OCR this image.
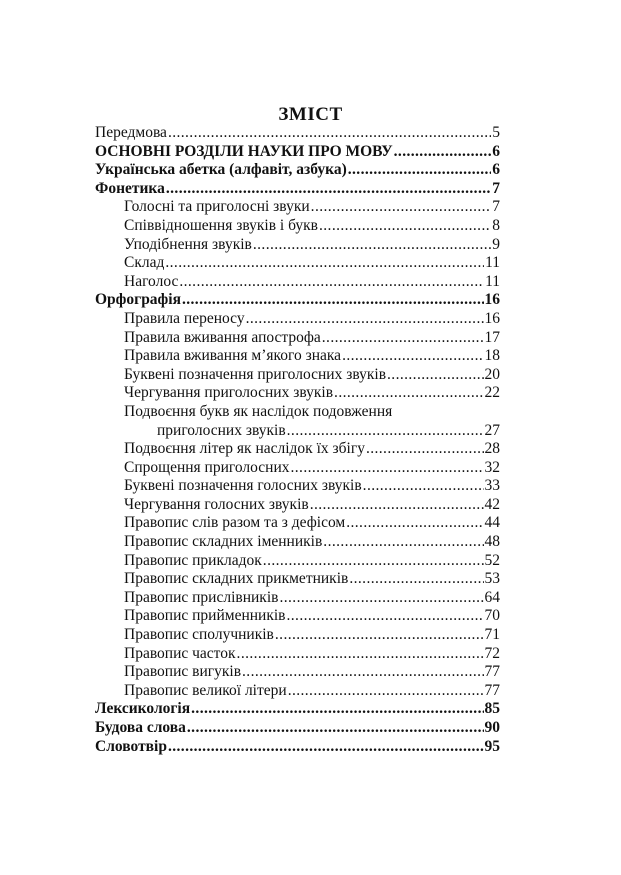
ЗМІСТ
Передмова .....	5
ОСНОВНІ РОЗДІЛИ НАУКИ ПРО МОВУ .....	6
Українська абетка (алфавіт, азбука) .....	6
Фонетика .....	7
Голосні та приголосні звуки .....	7
Співвідношення звуків і букв .....	8
Уподібнення звуків .....	9
Склад .....	11
Наголос .....	11
Орфографія .....	16
Правила переносу .....	16
Правила вживання апострофа .....	17
Правила вживання м’якого знака .....	18
Буквені позначення приголосних звуків .....	20
Чергування приголосних звуків .....	22
Подвоєння букв як наслідок подовження
приголосних звуків .....	27
Подвоєння літер як наслідок їх збігу .....	28
Спрощення приголосних .....	32
Буквені позначення голосних звуків .....	33
Чергування голосних звуків .....	42
Правопис слів разом та з дефісом .....	44
Правопис складних іменників .....	48
Правопис прикладок .....	52
Правопис складних прикметників .....	53
Правопис прислівників .....	64
Правопис прийменників .....	70
Правопис сполучників .....	71
Правопис часток .....	72
Правопис вигуків .....	77
Правопис великої літери .....	77
Лексикологія .....	85
Будова слова .....	90
Словотвір .....	95
